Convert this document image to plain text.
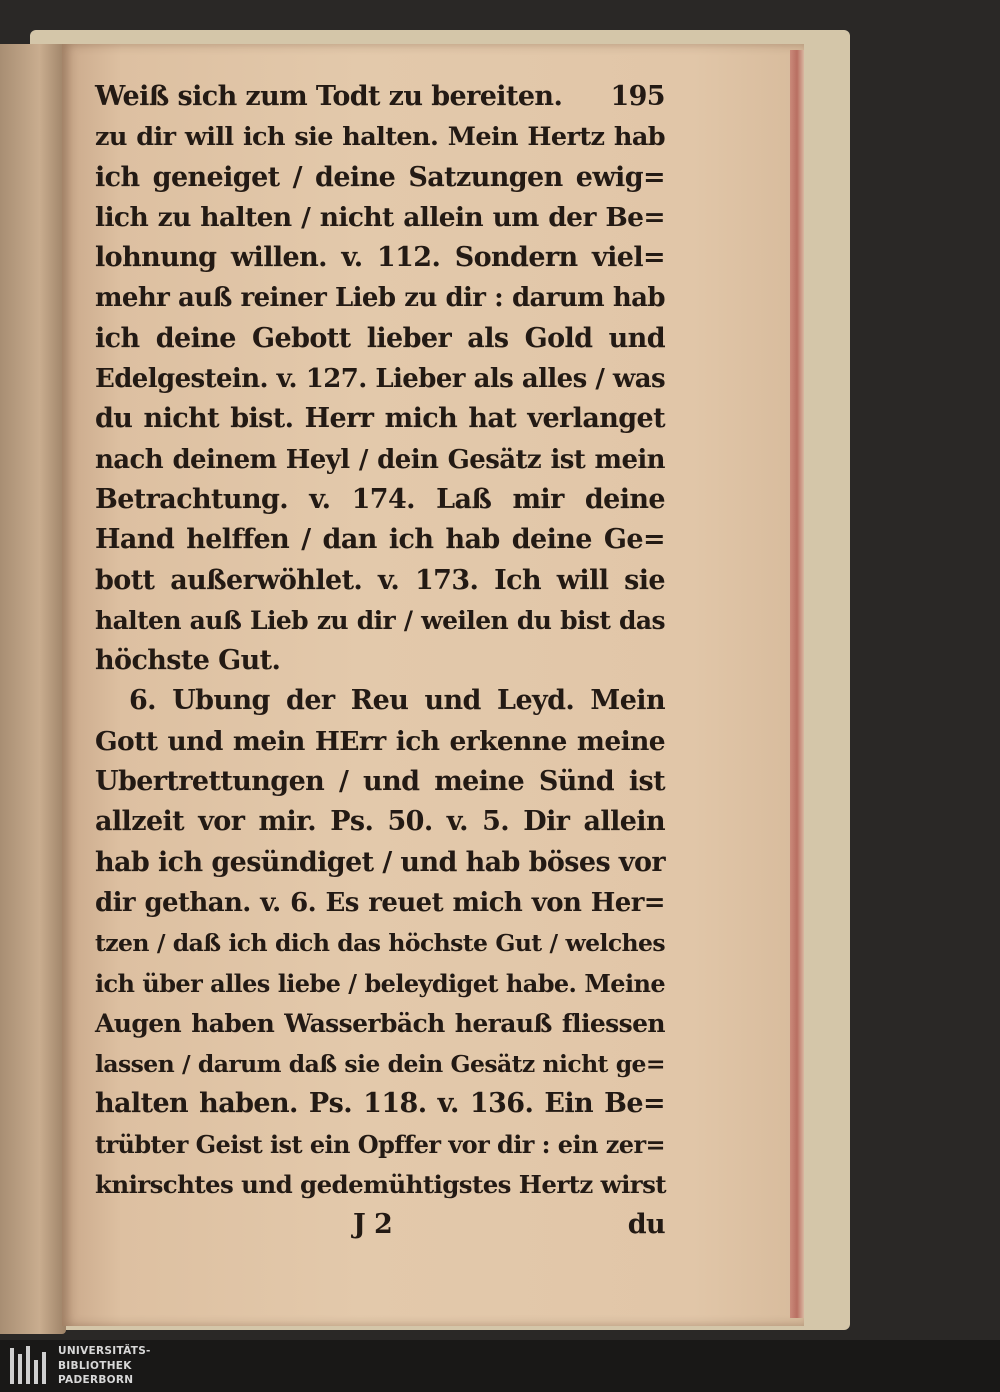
Weiß sich zum Todt zu bereiten. 195
zu dir will ich sie halten. Mein Hertz hab
ich geneiget / deine Satzungen ewig=
lich zu halten / nicht allein um der Be=
lohnung willen. v. 112. Sondern viel=
mehr auß reiner Lieb zu dir : darum hab
ich deine Gebott lieber als Gold und
Edelgestein. v. 127. Lieber als alles / was
du nicht bist. Herr mich hat verlanget
nach deinem Heyl / dein Gesätz ist mein
Betrachtung. v. 174. Laß mir deine
Hand helffen / dan ich hab deine Ge=
bott außerwöhlet. v. 173. Ich will sie
halten auß Lieb zu dir / weilen du bist das
höchste Gut.
6. Ubung der Reu und Leyd. Mein
Gott und mein HErr ich erkenne meine
Ubertrettungen / und meine Sünd ist
allzeit vor mir. Ps. 50. v. 5. Dir allein
hab ich gesündiget / und hab böses vor
dir gethan. v. 6. Es reuet mich von Her=
tzen / daß ich dich das höchste Gut / welches
ich über alles liebe / beleydiget habe. Meine
Augen haben Wasserbäch herauß fliessen
lassen / darum daß sie dein Gesätz nicht ge=
halten haben. Ps. 118. v. 136. Ein Be=
trübter Geist ist ein Opffer vor dir : ein zer=
knirschtes und gedemühtigstes Hertz wirst
J 2	du
UNIVERSITÄTS-
BIBLIOTHEK
PADERBORN
